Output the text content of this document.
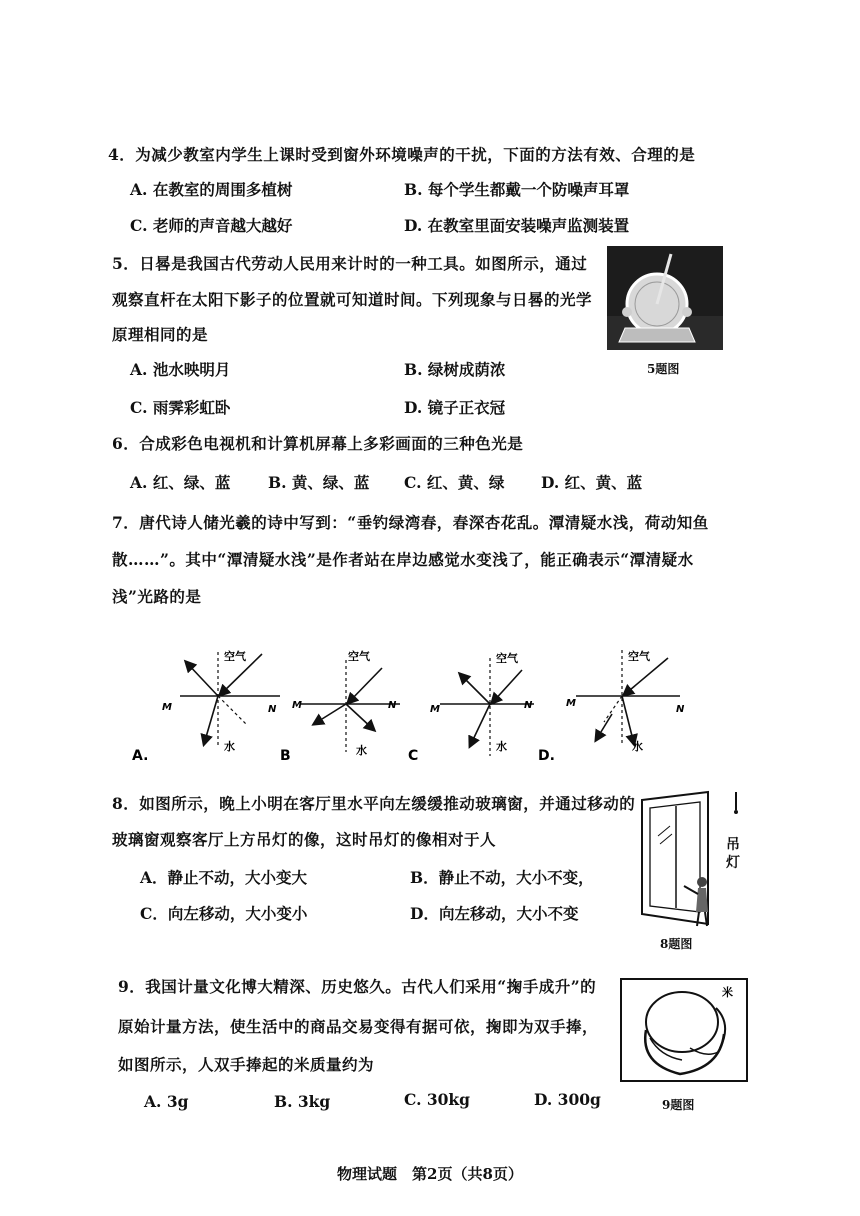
4．为减少教室内学生上课时受到窗外环境噪声的干扰，下面的方法有效、合理的是
A. 在教室的周围多植树	B. 每个学生都戴一个防噪声耳罩
C. 老师的声音越大越好	D. 在教室里面安装噪声监测装置
5．日晷是我国古代劳动人民用来计时的一种工具。如图所示，通过
观察直杆在太阳下影子的位置就可知道时间。下列现象与日晷的光学
原理相同的是
A. 池水映明月	B. 绿树成荫浓
C. 雨霁彩虹卧	D. 镜子正衣冠
5题图
6．合成彩色电视机和计算机屏幕上多彩画面的三种色光是
A. 红、绿、蓝 B. 黄、绿、蓝 C. 红、黄、绿 D. 红、黄、蓝
7．唐代诗人储光羲的诗中写到：“垂钓绿湾春，春深杏花乱。潭清疑水浅，荷动知鱼
散……”。其中“潭清疑水浅”是作者站在岸边感觉水变浅了，能正确表示“潭清疑水
浅”光路的是
空气
水
M	N
空气
水
M	N
空气
水
M	N
空气
水
M
N
A.	B	C	D.
8．如图所示，晚上小明在客厅里水平向左缓缓推动玻璃窗，并通过移动的
玻璃窗观察客厅上方吊灯的像，这时吊灯的像相对于人
A．静止不动，大小变大	B．静止不动，大小不变，
C．向左移动，大小变小	D．向左移动，大小不变
吊灯
8题图
9．我国计量文化博大精深、历史悠久。古代人们采用“掬手成升”的
原始计量方法，使生活中的商品交易变得有据可依，掬即为双手捧，
如图所示，人双手捧起的米质量约为
A. 3g	B. 3kg	C. 30kg	D. 300g
米
9题图
物理试题　第2页（共8页）
